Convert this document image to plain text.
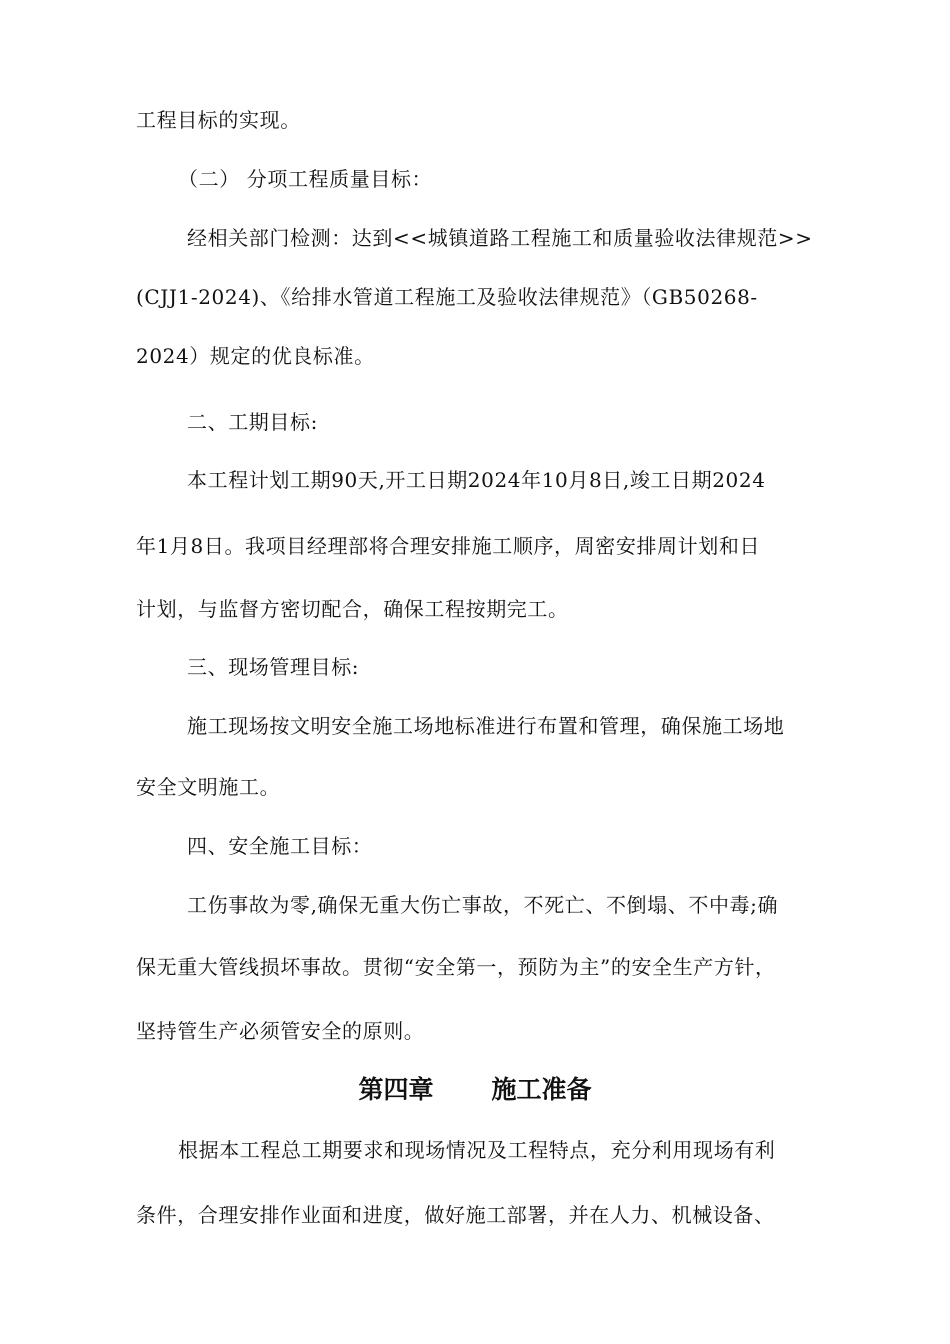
工程目标的实现。
（二） 分项工程质量目标：
经相关部门检测：达到<<城镇道路工程施工和质量验收法律规范>>
(CJJ1-2024)、《给排水管道工程施工及验收法律规范》（GB50268-
2024）规定的优良标准。
二、工期目标:
本工程计划工期90天,开工日期2024年10月8日,竣工日期2024
年1月8日。我项目经理部将合理安排施工顺序，周密安排周计划和日
计划，与监督方密切配合，确保工程按期完工。
三、现场管理目标:
施工现场按文明安全施工场地标准进行布置和管理，确保施工场地
安全文明施工。
四、安全施工目标：
工伤事故为零,确保无重大伤亡事故，不死亡、不倒塌、不中毒;确
保无重大管线损坏事故。贯彻“安全第一，预防为主”的安全生产方针，
坚持管生产必须管安全的原则。
第四章 施工准备
根据本工程总工期要求和现场情况及工程特点，充分利用现场有利
条件，合理安排作业面和进度，做好施工部署，并在人力、机械设备、
